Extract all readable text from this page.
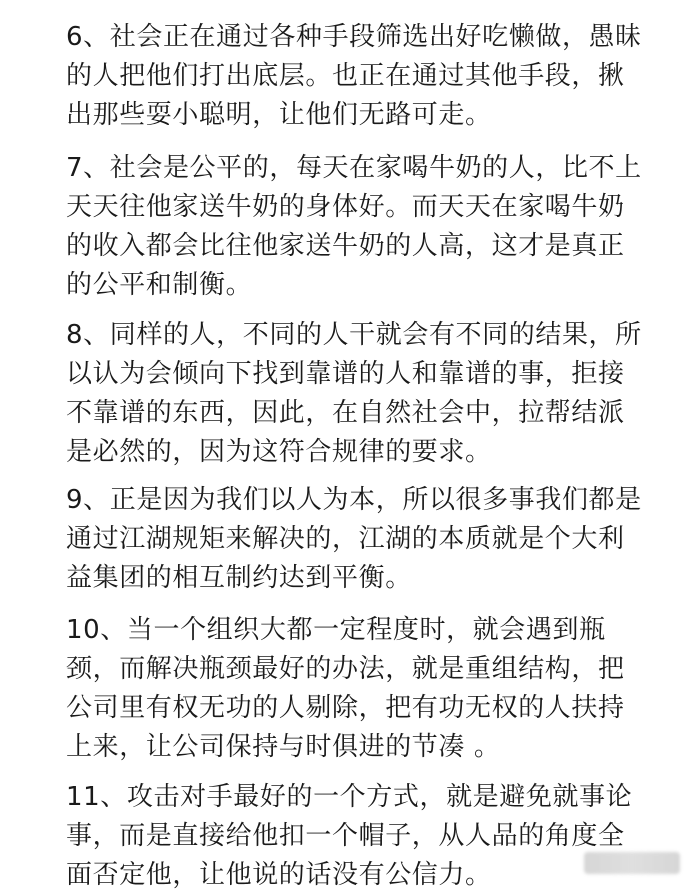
6、社会正在通过各种手段筛选出好吃懒做，愚昧
的人把他们打出底层。也正在通过其他手段，揪
出那些耍小聪明，让他们无路可走。

7、社会是公平的，每天在家喝牛奶的人，比不上
天天往他家送牛奶的身体好。而天天在家喝牛奶
的收入都会比往他家送牛奶的人高，这才是真正
的公平和制衡。

8、同样的人，不同的人干就会有不同的结果，所
以认为会倾向下找到靠谱的人和靠谱的事，拒接
不靠谱的东西，因此，在自然社会中，拉帮结派
是必然的，因为这符合规律的要求。

9、正是因为我们以人为本，所以很多事我们都是
通过江湖规矩来解决的，江湖的本质就是个大利
益集团的相互制约达到平衡。

10、当一个组织大都一定程度时，就会遇到瓶
颈，而解决瓶颈最好的办法，就是重组结构，把
公司里有权无功的人剔除，把有功无权的人扶持
上来，让公司保持与时俱进的节凑 。

11、攻击对手最好的一个方式，就是避免就事论
事，而是直接给他扣一个帽子，从人品的角度全
面否定他，让他说的话没有公信力。
